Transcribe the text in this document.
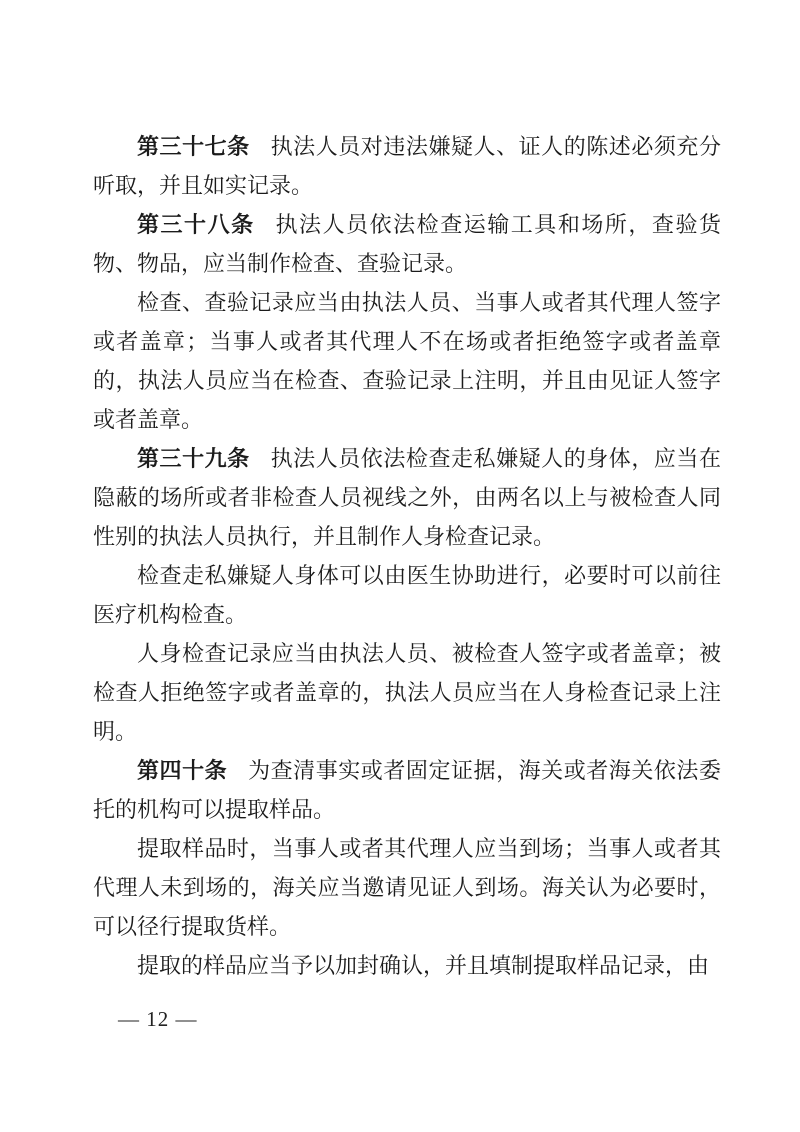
第三十七条 执法人员对违法嫌疑人、证人的陈述必须充分听取，并且如实记录。

第三十八条 执法人员依法检查运输工具和场所，查验货物、物品，应当制作检查、查验记录。

检查、查验记录应当由执法人员、当事人或者其代理人签字或者盖章；当事人或者其代理人不在场或者拒绝签字或者盖章的，执法人员应当在检查、查验记录上注明，并且由见证人签字或者盖章。

第三十九条 执法人员依法检查走私嫌疑人的身体，应当在隐蔽的场所或者非检查人员视线之外，由两名以上与被检查人同性别的执法人员执行，并且制作人身检查记录。

检查走私嫌疑人身体可以由医生协助进行，必要时可以前往医疗机构检查。

人身检查记录应当由执法人员、被检查人签字或者盖章；被检查人拒绝签字或者盖章的，执法人员应当在人身检查记录上注明。

第四十条 为查清事实或者固定证据，海关或者海关依法委托的机构可以提取样品。

提取样品时，当事人或者其代理人应当到场；当事人或者其代理人未到场的，海关应当邀请见证人到场。海关认为必要时，可以径行提取货样。

提取的样品应当予以加封确认，并且填制提取样品记录，由

— 12 —
